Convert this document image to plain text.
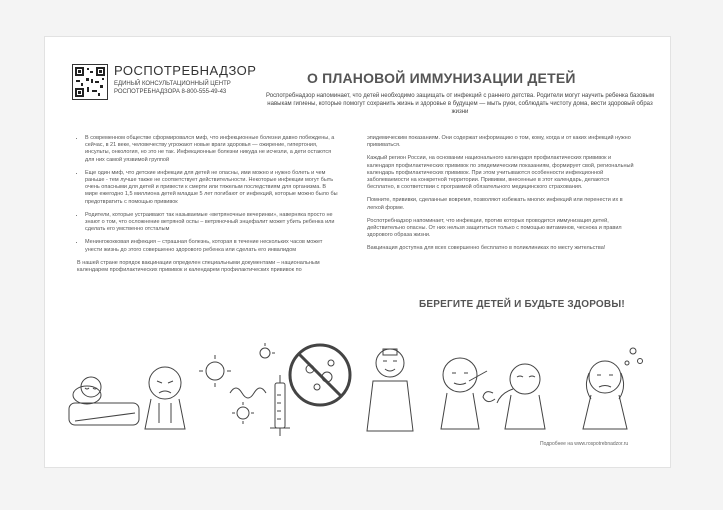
РОСПОТРЕБНАДЗОР
ЕДИНЫЙ КОНСУЛЬТАЦИОННЫЙ ЦЕНТР
РОСПОТРЕБНАДЗОРА 8-800-555-49-43
О ПЛАНОВОЙ ИММУНИЗАЦИИ ДЕТЕЙ
Роспотребнадзор напоминает, что детей необходимо защищать от инфекций с раннего детства. Родители могут научить ребенка базовым навыкам гигиены, которые помогут сохранить жизнь и здоровье в будущем — мыть руки, соблюдать чистоту дома, вести здоровый образ жизни
• В современном обществе сформировался миф, что инфекционные болезни давно побеждены, а сейчас, в 21 веке, человечеству угрожают новые враги здоровья — ожирение, гипертония, инсульты, онкология, но это не так. Инфекционные болезни никуда не исчезли, а дети остаются для них самой уязвимой группой
• Еще один миф, что детские инфекции для детей не опасны, ими можно и нужно болеть и чем раньше - тем лучше также не соответствует действительности. Некоторые инфекции могут быть очень опасными для детей и привести к смерти или тяжелым последствиям для организма. В мире ежегодно 1,5 миллиона детей младше 5 лет погибают от инфекций, которые можно было бы предотвратить с помощью прививок
• Родители, которые устраивают так называемые «ветряночные вечеринки», наверняка просто не знают о том, что осложнение ветряной оспы – ветряночный энцефалит может убить ребенка или сделать его умственно отсталым
• Менингококковая инфекция – страшная болезнь, которая в течение нескольких часов может унести жизнь до этого совершенно здорового ребенка или сделать его инвалидом

В нашей стране порядок вакцинации определен специальными документами – национальным календарем профилактических прививок и календарем профилактических прививок по

эпидемическим показаниям. Они содержат информацию о том, кому, когда и от каких инфекций нужно прививаться.

Каждый регион России, на основании национального календаря профилактических прививок и календаря профилактических прививок по эпидемическим показаниям, формирует свой, региональный календарь профилактических прививок. При этом учитываются особенности инфекционной заболеваемости на конкретной территории. Прививки, внесенные в этот календарь, делаются бесплатно, в соответствии с программой обязательного медицинского страхования.

Помните, прививки, сделанные вовремя, позволяют избежать многих инфекций или перенести их в легкой форме.

Роспотребнадзор напоминает, что инфекции, против которых проводится иммунизация детей, действительно опасны. От них нельзя защититься только с помощью витаминов, чеснока и правил здорового образа жизни.

Вакцинация доступна для всех совершенно бесплатно в поликлиниках по месту жительства!

БЕРЕГИТЕ ДЕТЕЙ И БУДЬТЕ ЗДОРОВЫ!
Подробнее на www.rospotrebnadzor.ru
